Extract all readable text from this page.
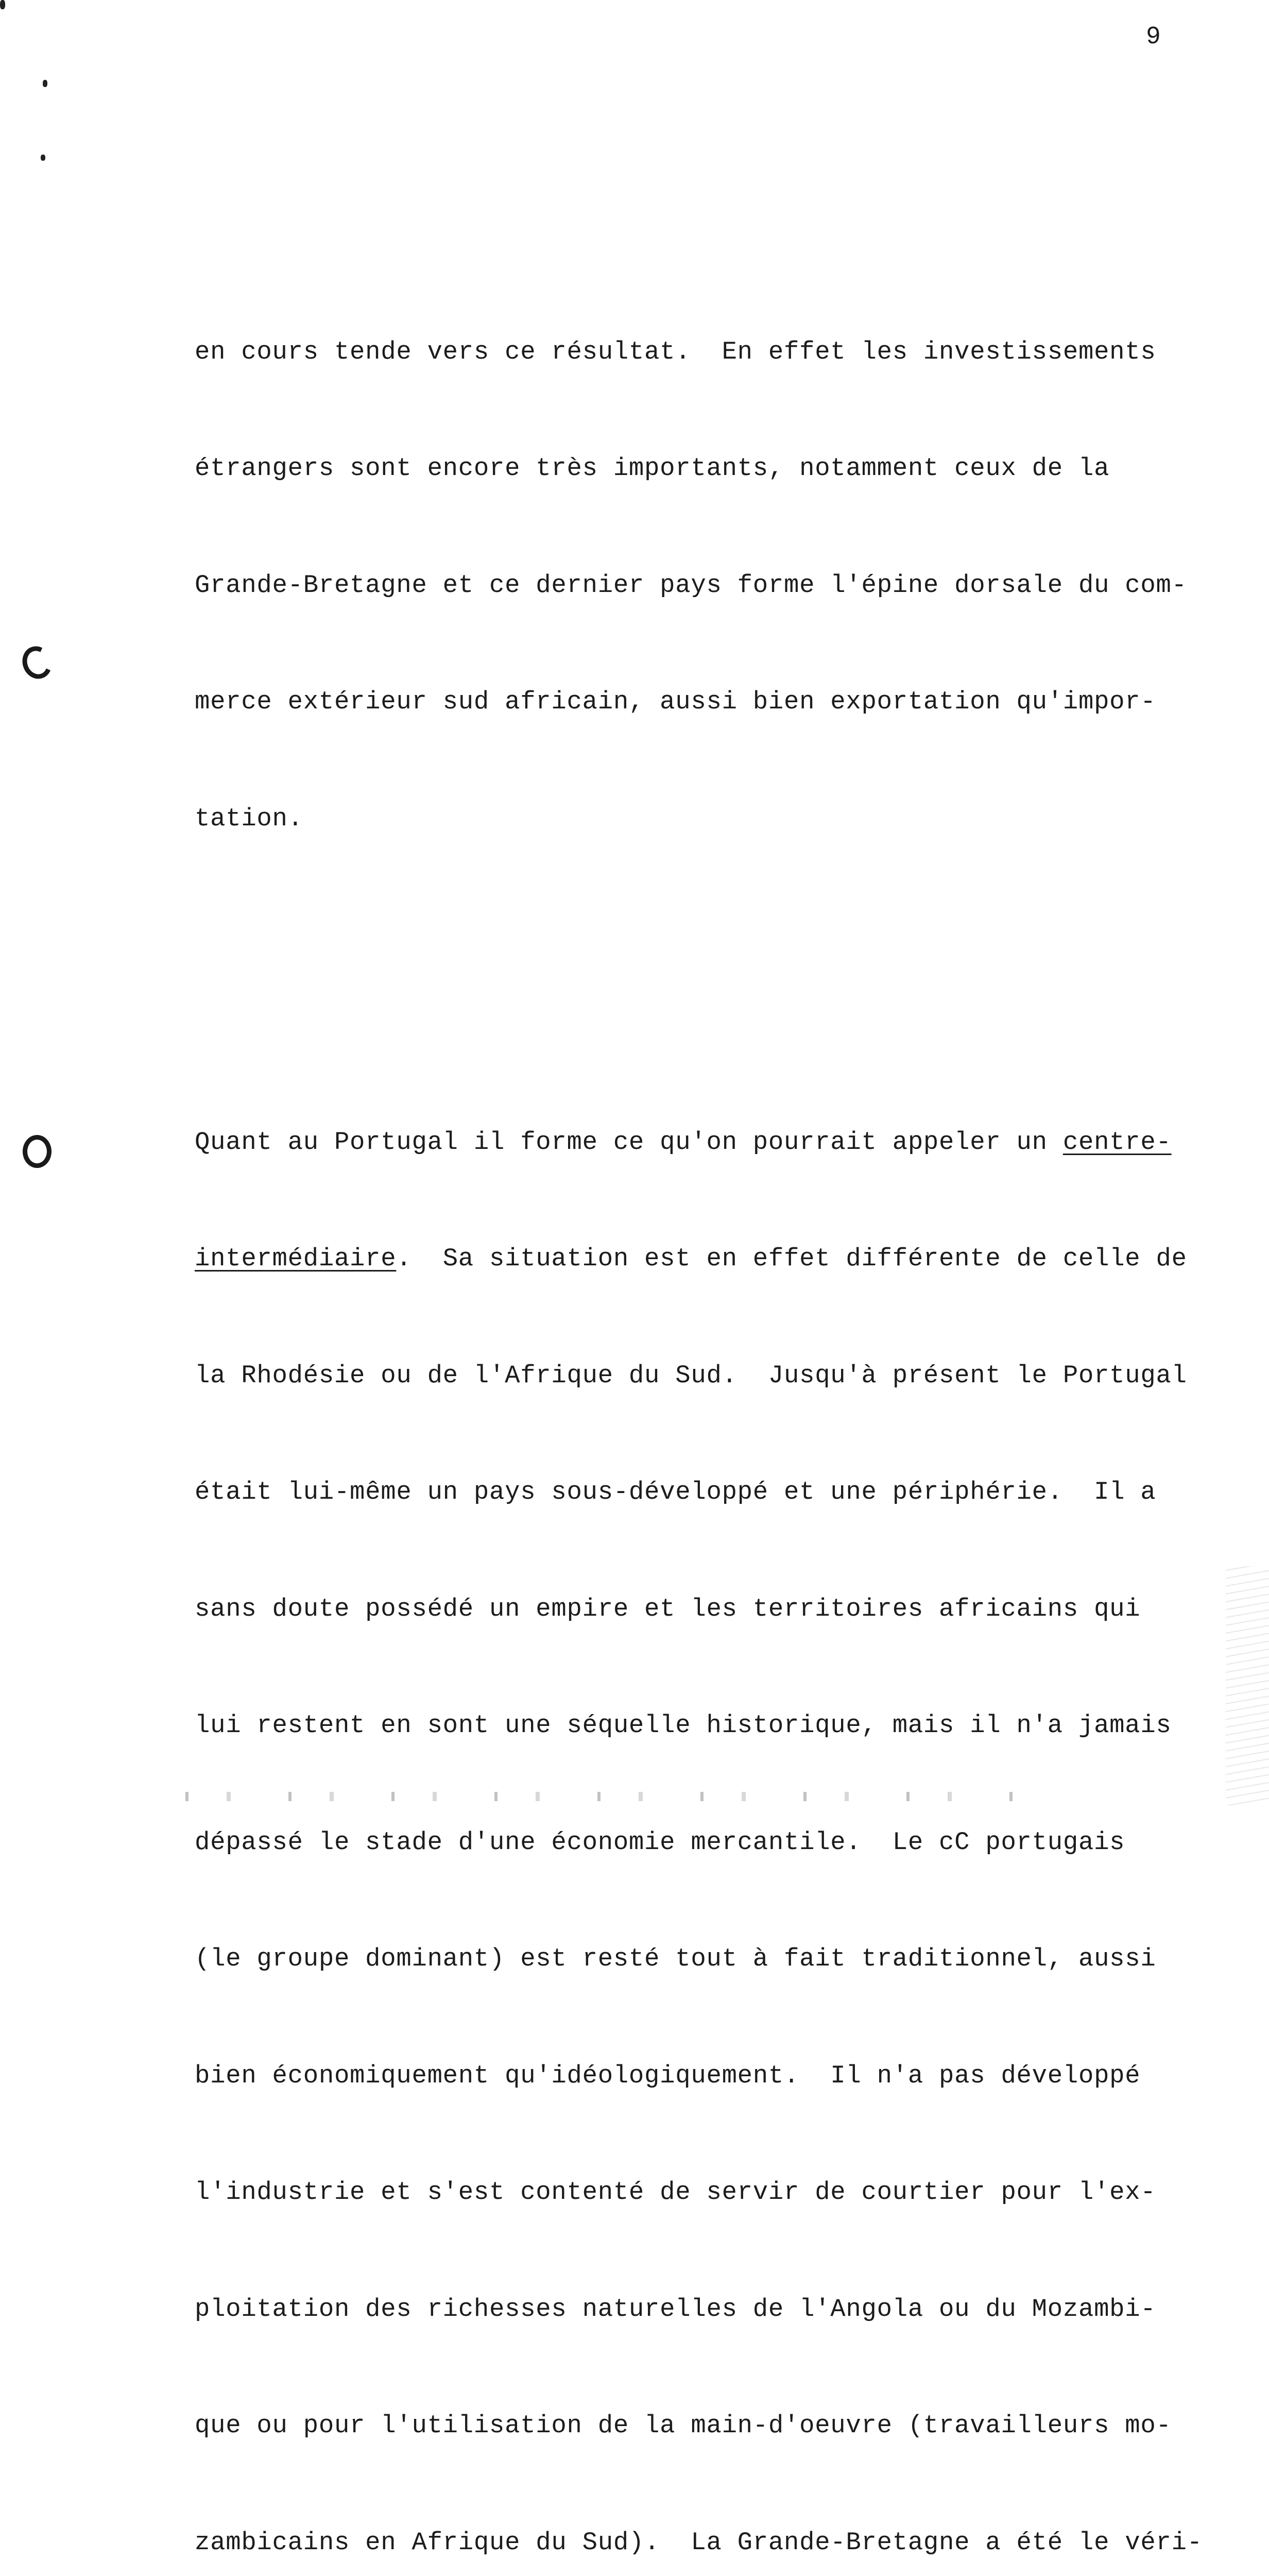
9

en cours tende vers ce résultat.  En effet les investissements

étrangers sont encore très importants, notamment ceux de la

Grande-Bretagne et ce dernier pays forme l'épine dorsale du com-

merce extérieur sud africain, aussi bien exportation qu'impor-

tation.

Quant au Portugal il forme ce qu'on pourrait appeler un centre-

intermédiaire.  Sa situation est en effet différente de celle de

la Rhodésie ou de l'Afrique du Sud.  Jusqu'à présent le Portugal

était lui-même un pays sous-développé et une périphérie.  Il a

sans doute possédé un empire et les territoires africains qui

lui restent en sont une séquelle historique, mais il n'a jamais

dépassé le stade d'une économie mercantile.  Le cC portugais

(le groupe dominant) est resté tout à fait traditionnel, aussi

bien économiquement qu'idéologiquement.  Il n'a pas développé

l'industrie et s'est contenté de servir de courtier pour l'ex-

ploitation des richesses naturelles de l'Angola ou du Mozambi-

que ou pour l'utilisation de la main-d'oeuvre (travailleurs mo-

zambicains en Afrique du Sud).  La Grande-Bretagne a été le véri-
